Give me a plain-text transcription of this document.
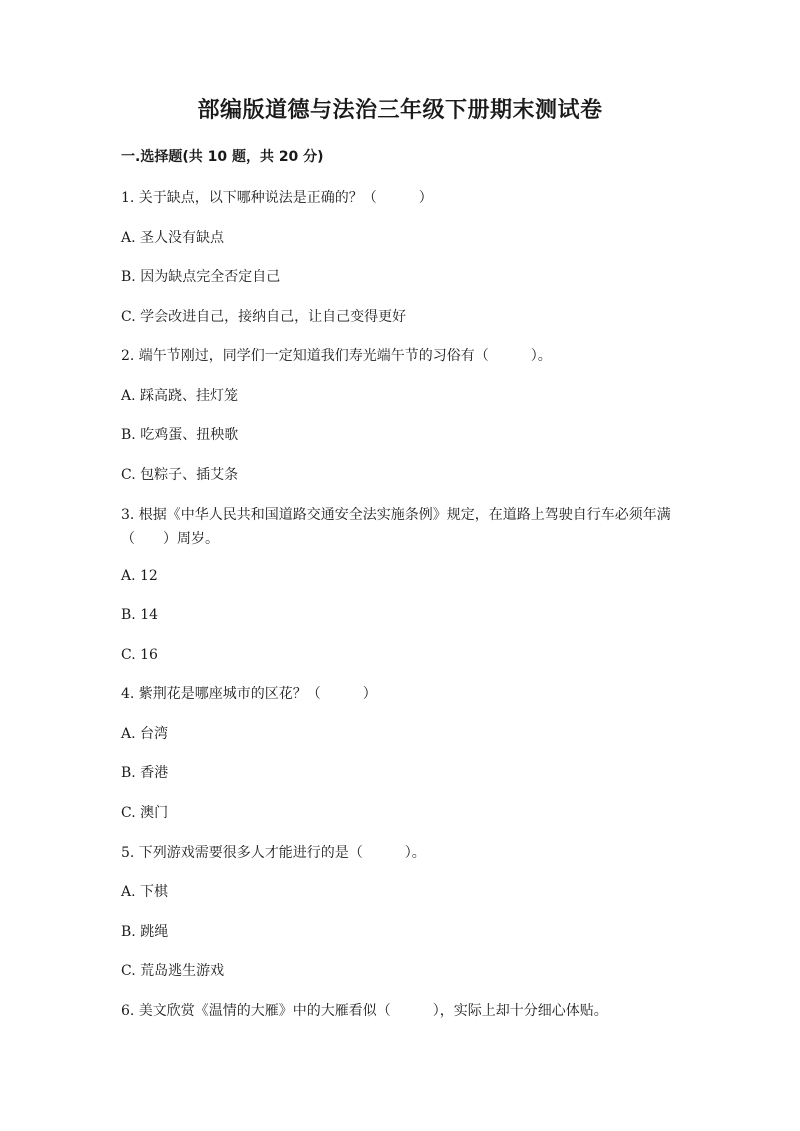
部编版道德与法治三年级下册期末测试卷
一.选择题(共 10 题，共 20 分)
1. 关于缺点，以下哪种说法是正确的？（　　　）
A. 圣人没有缺点
B. 因为缺点完全否定自己
C. 学会改进自己，接纳自己，让自己变得更好
2. 端午节刚过，同学们一定知道我们寿光端午节的习俗有（　　　）。
A. 踩高跷、挂灯笼
B. 吃鸡蛋、扭秧歌
C. 包粽子、插艾条
3. 根据《中华人民共和国道路交通安全法实施条例》规定，在道路上驾驶自行车必须年满（　　）周岁。
A. 12
B. 14
C. 16
4. 紫荆花是哪座城市的区花？（　　　）
A. 台湾
B. 香港
C. 澳门
5. 下列游戏需要很多人才能进行的是（　　　）。
A. 下棋
B. 跳绳
C. 荒岛逃生游戏
6. 美文欣赏《温情的大雁》中的大雁看似（　　　），实际上却十分细心体贴。
